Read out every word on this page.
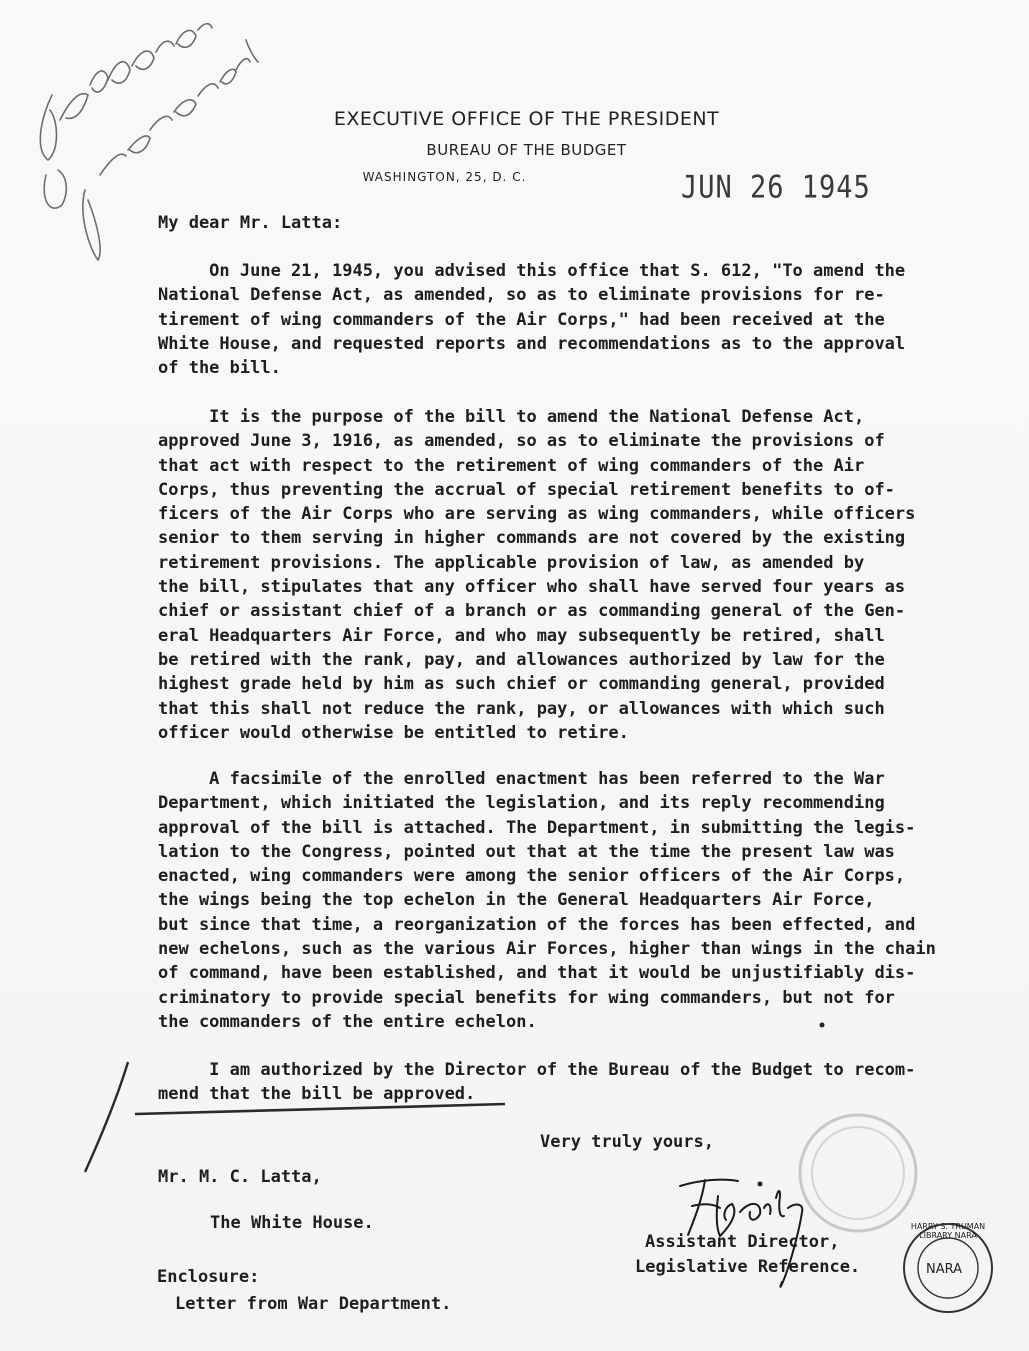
EXECUTIVE OFFICE OF THE PRESIDENT
BUREAU OF THE BUDGET
WASHINGTON, 25, D. C.	JUN 26 1945
My dear Mr. Latta:

On June 21, 1945, you advised this office that S. 612, "To amend the
National Defense Act, as amended, so as to eliminate provisions for re-
tirement of wing commanders of the Air Corps," had been received at the
White House, and requested reports and recommendations as to the approval
of the bill.

It is the purpose of the bill to amend the National Defense Act,
approved June 3, 1916, as amended, so as to eliminate the provisions of
that act with respect to the retirement of wing commanders of the Air
Corps, thus preventing the accrual of special retirement benefits to of-
ficers of the Air Corps who are serving as wing commanders, while officers
senior to them serving in higher commands are not covered by the existing
retirement provisions. The applicable provision of law, as amended by
the bill, stipulates that any officer who shall have served four years as
chief or assistant chief of a branch or as commanding general of the Gen-
eral Headquarters Air Force, and who may subsequently be retired, shall
be retired with the rank, pay, and allowances authorized by law for the
highest grade held by him as such chief or commanding general, provided
that this shall not reduce the rank, pay, or allowances with which such
officer would otherwise be entitled to retire.

A facsimile of the enrolled enactment has been referred to the War
Department, which initiated the legislation, and its reply recommending
approval of the bill is attached. The Department, in submitting the legis-
lation to the Congress, pointed out that at the time the present law was
enacted, wing commanders were among the senior officers of the Air Corps,
the wings being the top echelon in the General Headquarters Air Force,
but since that time, a reorganization of the forces has been effected, and
new echelons, such as the various Air Forces, higher than wings in the chain
of command, have been established, and that it would be unjustifiably dis-
criminatory to provide special benefits for wing commanders, but not for
the commanders of the entire echelon.

I am authorized by the Director of the Bureau of the Budget to recom-
mend that the bill be approved.

Very truly yours,
Mr. M. C. Latta,
The White House.
Assistant Director,
Legislative Reference.
Enclosure:
Letter from War Department.
NARA
HARRY S. TRUMAN LIBRARY NARA
